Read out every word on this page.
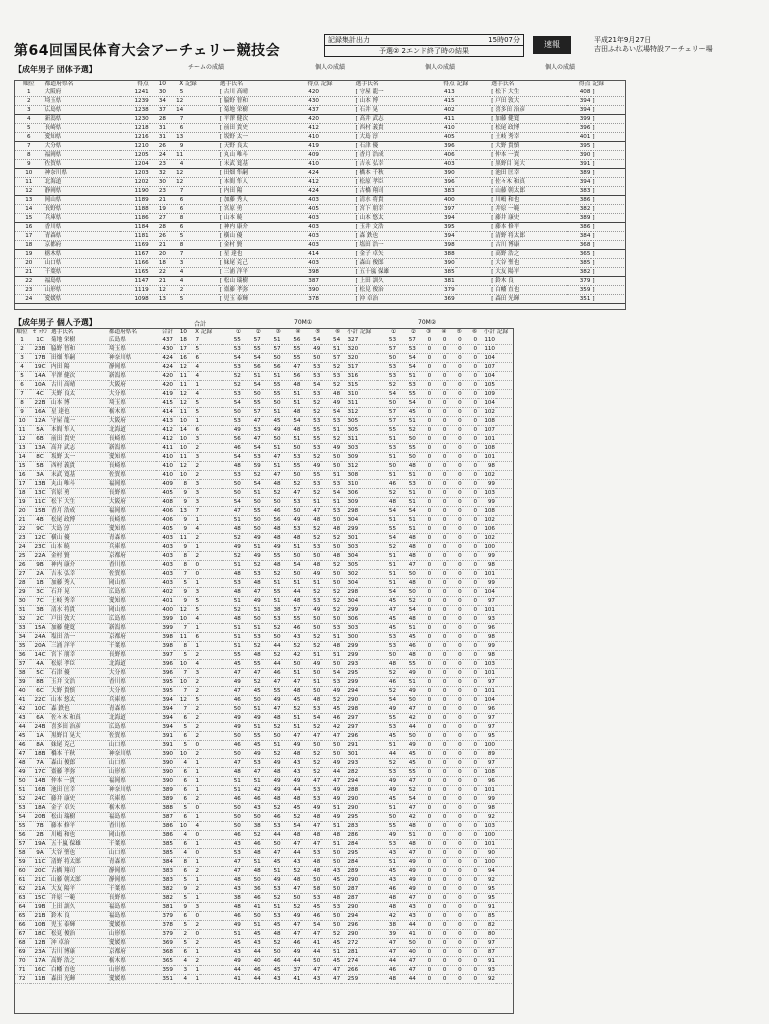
第64回国民体育大会アーチェリー競技会
記録集計出力	15時07分
予選② 2エンド終了時の結果
速報	平成21年9月27日
吉田ふれあい広場特設アーチェリー場
【成年男子 団体予選】	チームの成績	個人の成績	個人の成績	個人の成績
順位	都道府県名	得点	10	X	記録	選手氏名	得点	記録	選手氏名	得点	記録	選手氏名	得点	記録
1	大阪府	1241	30	5		[ 古川 高晴	420		[ 守屋 龍一	413		[ 松下 大生	408	]
2	埼玉県	1239	34	12		[ 脇野 智和	430		[ 山本 博	415		[ 戸田 敦大	394	]
3	広島県	1238	37	14		[ 菊地 栄樹	437		[ 石井 晃	402		[ 喜多田 治彦	394	]
4	新潟県	1230	28	7		[ 平澤 健次	420		[ 高井 武志	411		[ 加藤 健寛	399	]
5	長崎県	1218	31	6		[ 前田 貴史	412		[ 西村 義貴	410		[ 松尾 政博	396	]
6	愛知県	1216	31	13		[ 坂野 太一	410		[ 大島 淳	405		[ 土岐 秀幸	401	]
7	大分県	1210	26	9		[ 天野 良太	419		[ 石津 優	396		[ 大野 貴慎	395	]
8	福岡県	1205	24	11		[ 丸山 唯斗	409		[ 香月 浩成	406		[ 仲本 一貴	390	]
9	佐賀県	1204	23	4		[ 末武 寛基	410		[ 吉永 弘幸	403		[ 黒野目 晃大	391	]
10	神奈川県	1203	32	12		[ 田畑 隼嗣	424		[ 橋本 千秋	390		[ 池田 匡幸	389	]
11	北海道	1202	30	12		[ 本間 隼人	412		[ 松原 孝臣	396		[ 佐々木 和真	394	]
12	静岡県	1190	23	7		[ 内田 陽	424		[ 古橋 翔司	383		[ 山藤 朝太郎	383	]
13	岡山県	1189	21	6		[ 加藤 秀人	403		[ 清水 将貴	400		[ 川嶋 和也	386	]
14	長野県	1188	19	6		[ 宮原 勇	405		[ 宮下 朋幸	397		[ 井原 一範	382	]
15	兵庫県	1186	27	8		[ 山本 暁	403		[ 山本 悠太	394		[ 藤井 康史	389	]
16	香川県	1184	28	6		[ 神内 康介	403		[ 玉井 文浩	395		[ 藤本 修平	386	]
17	青森県	1181	26	5		[ 横山 優	403		[ 森 鉄也	394		[ 清野 将太郎	384	]
18	京都府	1169	21	8		[ 金村 賢	403		[ 塩田 浩一	398		[ 古川 博康	368	]
19	栃木県	1167	20	7		[ 星 達也	414		[ 金子 卓矢	388		[ 高野 浩之	365	]
20	山口県	1166	18	3		[ 妹尾 克己	403		[ 森山 俊郎	390		[ 大谷 聖也	385	]
21	千葉県	1165	22	4		[ 三浦 洋平	398		[ 五十嵐 保雄	385		[ 大友 陽平	382	]
22	福島県	1147	21	4		[ 松山 瑞樹	387		[ 上田 訓久	381		[ 鈴木 良	379	]
23	山形県	1119	12	2		[ 齋藤 孝弥	390		[ 松見 俊治	379		[ 白幡 直也	359	]
24	愛媛県	1098	13	5		[ 児玉 泰輝	378		[ 沖 卓治	369		[ 森田 光暉	351	]
【成年男子 個人予選】	合計	70M①	70M②
順位	ｾﾞｯｹﾝ	選手氏名	都道府県名	合計	10	X	記録	①	②	③	④	⑤	⑥	小計	記録	①	②	③	④	⑤	⑥	小計	記録
1	1C	菊地 栄樹	広島県	437	18	7		55	57	51	56	54	54	327		53	57	0	0	0	0	110	
2	23B	脇野 智和	埼玉県	430	17	5		53	55	57	55	49	51	320		57	53	0	0	0	0	110	
3	17B	田畑 隼嗣	神奈川県	424	16	6		54	54	50	55	50	57	320		50	54	0	0	0	0	104	
4	19C	内田 陽	静岡県	424	12	4		53	56	56	47	53	52	317		53	54	0	0	0	0	107	
5	14A	平澤 健次	新潟県	420	11	4		52	51	51	56	53	53	316		53	51	0	0	0	0	104	
6	10A	古川 高晴	大阪府	420	11	1		52	54	55	48	54	52	315		52	53	0	0	0	0	105	
7	4C	天野 良太	大分県	419	12	4		53	50	55	51	53	48	310		54	55	0	0	0	0	109	
8	22B	山本 博	埼玉県	415	12	5		54	55	50	51	52	49	311		50	54	0	0	0	0	104	
9	16A	星 達也	栃木県	414	11	5		50	57	51	48	52	54	312		57	45	0	0	0	0	102	
10	12A	守屋 龍一	大阪府	413	10	1		53	47	45	54	53	53	305		57	51	0	0	0	0	108	
11	5A	本間 隼人	北海道	412	14	6		49	53	49	48	55	51	305		55	52	0	0	0	0	107	
12	6B	前田 貴史	長崎県	412	10	3		56	47	50	51	55	52	311		51	50	0	0	0	0	101	
13	13A	高井 武志	新潟県	411	10	2		46	54	51	50	53	49	303		53	55	0	0	0	0	108	
14	8C	坂野 太一	愛知県	410	11	3		54	53	47	53	52	50	309		51	50	0	0	0	0	101	
15	5B	西村 義貴	長崎県	410	12	2		48	59	51	55	49	50	312		50	48	0	0	0	0	98	
16	3A	末武 寛基	佐賀県	410	10	2		53	52	47	50	55	51	308		51	51	0	0	0	0	102	
17	13B	丸山 唯斗	福岡県	409	8	3		50	54	48	52	53	53	310		46	53	0	0	0	0	99	
18	13C	宮原 勇	長野県	405	9	3		50	51	52	47	52	54	306		52	51	0	0	0	0	103	
19	11C	松下 大生	大阪府	408	9	3		54	50	50	53	51	51	309		48	51	0	0	0	0	99	
20	15B	香月 浩成	福岡県	406	13	7		47	55	46	50	47	53	298		54	54	0	0	0	0	108	
21	4B	松尾 政博	長崎県	406	9	1		51	50	56	49	48	50	304		51	51	0	0	0	0	102	
22	9C	大島 淳	愛知県	405	9	4		48	50	48	53	52	48	299		55	51	0	0	0	0	106	
23	12C	横山 優	青森県	403	11	2		52	49	48	48	52	52	301		54	48	0	0	0	0	102	
24	23C	山本 暁	兵庫県	403	9	1		49	51	49	51	53	50	303		52	48	0	0	0	0	100	
25	22A	金村 賢	京都府	403	8	2		52	49	55	50	50	48	304		51	48	0	0	0	0	99	
26	9B	神内 康介	香川県	403	8	0		51	52	48	54	48	52	305		51	47	0	0	0	0	98	
27	2A	吉永 弘幸	佐賀県	403	7	0		48	53	52	50	49	50	302		51	50	0	0	0	0	101	
28	1B	加藤 秀人	岡山県	403	5	1		53	48	51	51	51	50	304		51	48	0	0	0	0	99	
29	3C	石井 晃	広島県	402	9	3		48	47	55	44	52	52	298		54	50	0	0	0	0	104	
30	7C	土岐 秀幸	愛知県	401	9	5		51	49	51	48	53	52	304		45	52	0	0	0	0	97	
31	3B	清水 将貴	岡山県	400	12	5		52	51	38	57	49	52	299		47	54	0	0	0	0	101	
32	2C	戸田 敦大	広島県	399	10	4		48	50	53	55	50	50	306		45	48	0	0	0	0	93	
33	15A	加藤 健寛	新潟県	399	7	1		51	51	52	46	50	53	303		45	51	0	0	0	0	96	
34	24A	塩田 浩一	京都府	398	11	6		51	53	50	43	52	51	300		53	45	0	0	0	0	98	
35	20A	三浦 洋平	千葉県	398	8	1		51	52	44	52	52	48	299		53	46	0	0	0	0	99	
36	14C	宮下 朋幸	長野県	397	5	2		55	48	52	42	51	51	299		50	48	0	0	0	0	98	
37	4A	松原 孝臣	北海道	396	10	4		45	55	44	50	49	50	293		48	55	0	0	0	0	103	
38	5C	石津 優	大分県	396	7	3		47	47	46	51	50	54	295		52	49	0	0	0	0	101	
39	8B	玉井 文浩	香川県	395	10	2		49	52	47	47	51	53	299		46	51	0	0	0	0	97	
40	6C	大野 貴慎	大分県	395	7	2		47	45	55	48	50	49	294		52	49	0	0	0	0	101	
41	22C	山本 悠太	兵庫県	394	12	5		46	50	49	45	48	52	290		54	50	0	0	0	0	104	
42	10C	森 鉄也	青森県	394	7	2		50	51	47	52	53	45	298		49	47	0	0	0	0	96	
43	6A	佐々木 和真	北海道	394	6	2		49	49	48	51	54	46	297		55	42	0	0	0	0	97	
44	24B	喜多田 治彦	広島県	394	5	2		49	51	52	51	52	42	297		53	44	0	0	0	0	97	
45	1A	黒野目 晃大	佐賀県	391	6	2		50	55	50	47	47	47	296		45	50	0	0	0	0	95	
46	8A	妹尾 克己	山口県	391	5	0		46	45	51	49	50	50	291		51	49	0	0	0	0	100	
47	18B	橋本 千秋	神奈川県	390	10	2		50	49	52	48	52	50	301		44	45	0	0	0	0	89	
48	7A	森山 俊郎	山口県	390	4	1		47	53	49	43	52	49	293		52	45	0	0	0	0	97	
49	17C	齋藤 孝弥	山形県	390	6	1		48	47	48	43	52	44	282		53	55	0	0	0	0	108	
50	14B	仲本 一貴	福岡県	390	6	1		51	51	49	49	47	47	294		49	47	0	0	0	0	96	
51	16B	池田 匡幸	神奈川県	389	6	1		51	42	49	44	53	49	288		49	52	0	0	0	0	101	
52	24C	藤井 康史	兵庫県	389	6	2		46	46	48	48	53	49	290		45	54	0	0	0	0	99	
53	18A	金子 卓矢	栃木県	388	5	0		50	43	52	45	49	51	290		51	47	0	0	0	0	98	
54	20B	松山 瑞樹	福島県	387	6	1		50	50	46	52	48	49	295		50	42	0	0	0	0	92	
55	7B	藤本 修平	香川県	386	10	4		50	38	53	54	47	51	283		55	48	0	0	0	0	103	
56	2B	川嶋 和也	岡山県	386	4	0		46	52	44	48	48	48	286		49	51	0	0	0	0	100	
57	19A	五十嵐 保雄	千葉県	385	6	1		43	46	50	47	47	51	284		53	48	0	0	0	0	101	
58	9A	大谷 聖也	山口県	385	4	0		53	48	47	44	53	50	295		43	47	0	0	0	0	90	
59	11C	清野 将太郎	青森県	384	8	1		47	51	45	43	48	50	284		51	49	0	0	0	0	100	
60	20C	古橋 翔司	静岡県	383	6	2		47	48	51	52	48	43	289		45	49	0	0	0	0	94	
61	21C	山藤 朝太郎	静岡県	383	5	1		48	50	49	48	50	45	290		43	49	0	0	0	0	92	
62	21A	大友 陽平	千葉県	382	9	2		43	36	53	47	58	50	287		46	49	0	0	0	0	95	
63	15C	井原 一範	長野県	382	5	1		38	46	52	50	53	48	287		48	47	0	0	0	0	95	
64	19B	上田 訓久	福島県	381	9	3		48	41	51	52	45	53	290		48	43	0	0	0	0	91	
65	21B	鈴木 良	福島県	379	6	0		46	50	53	49	46	50	294		42	43	0	0	0	0	85	
66	10B	児玉 泰輝	愛媛県	378	5	2		49	51	45	47	54	50	296		38	44	0	0	0	0	82	
67	18C	松見 俊治	山形県	379	2	0		51	45	48	47	47	52	290		39	41	0	0	0	0	80	
68	12B	沖 卓治	愛媛県	369	5	2		45	43	52	46	41	45	272		47	50	0	0	0	0	97	
69	23A	古川 博康	京都府	368	6	1		43	44	50	49	44	51	281		47	40	0	0	0	0	87	
70	17A	高野 浩之	栃木県	365	4	2		49	40	46	44	50	45	274		44	47	0	0	0	0	91	
71	16C	白幡 直也	山形県	359	3	1		44	46	45	37	47	47	266		46	47	0	0	0	0	93	
72	11B	森田 光暉	愛媛県	351	4	1		41	44	43	41	43	47	259		48	44	0	0	0	0	92	
